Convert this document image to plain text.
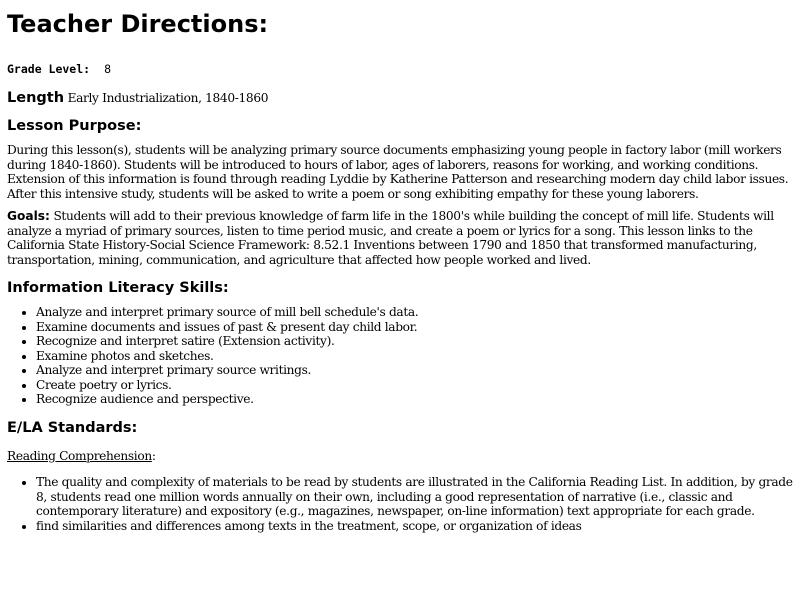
Teacher Directions:
Grade Level: 8
Length Early Industrialization, 1840-1860
Lesson Purpose:

During this lesson(s), students will be analyzing primary source documents emphasizing young people in factory labor (mill workers during 1840-1860). Students will be introduced to hours of labor, ages of laborers, reasons for working, and working conditions. Extension of this information is found through reading Lyddie by Katherine Patterson and researching modern day child labor issues. After this intensive study, students will be asked to write a poem or song exhibiting empathy for these young laborers.

Goals: Students will add to their previous knowledge of farm life in the 1800's while building the concept of mill life. Students will analyze a myriad of primary sources, listen to time period music, and create a poem or lyrics for a song. This lesson links to the California State History-Social Science Framework: 8.52.1 Inventions between 1790 and 1850 that transformed manufacturing, transportation, mining, communication, and agriculture that affected how people worked and lived.

Information Literacy Skills:
• Analyze and interpret primary source of mill bell schedule's data.
• Examine documents and issues of past & present day child labor.
• Recognize and interpret satire (Extension activity).
• Examine photos and sketches.
• Analyze and interpret primary source writings.
• Create poetry or lyrics.
• Recognize audience and perspective.
E/LA Standards:

Reading Comprehension:

• The quality and complexity of materials to be read by students are illustrated in the California Reading List. In addition, by grade 8, students read one million words annually on their own, including a good representation of narrative (i.e., classic and contemporary literature) and expository (e.g., magazines, newspaper, on-line information) text appropriate for each grade.
• find similarities and differences among texts in the treatment, scope, or organization of ideas
